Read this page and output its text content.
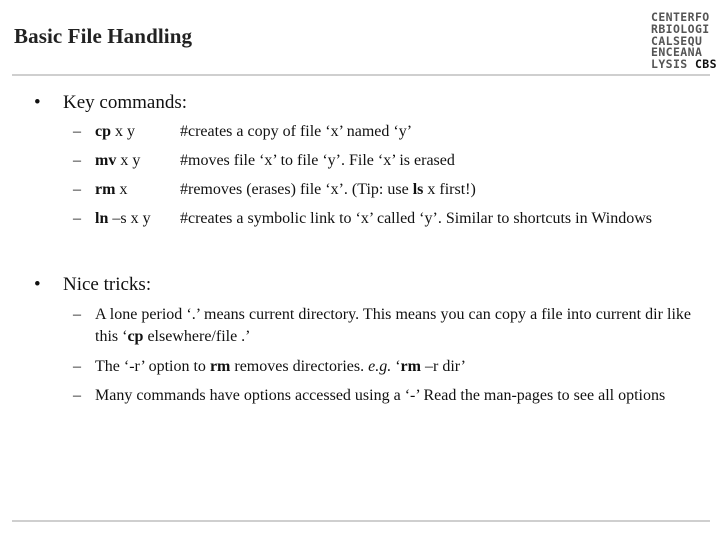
Basic File Handling
CENTERFO
RBIOLOGI
CALSEQU
ENCEANA
LYSIS CBS
• Key commands:
– cp x y	#creates a copy of file ‘x’ named ‘y’
– mv x y #moves file ‘x’ to file ‘y’. File ‘x’ is erased
– rm x	#removes (erases) file ‘x’. (Tip: use ls x first!)
– ln –s x y #creates a symbolic link to ‘x’ called ‘y’. Similar to shortcuts in Windows
• Nice tricks:
– A lone period ‘.’ means current directory. This means you can copy a file into current dir like this ‘cp elsewhere/file .’
– The ‘-r’ option to rm removes directories. e.g. ‘rm –r dir’
– Many commands have options accessed using a ‘-’ Read the man-pages to see all options
